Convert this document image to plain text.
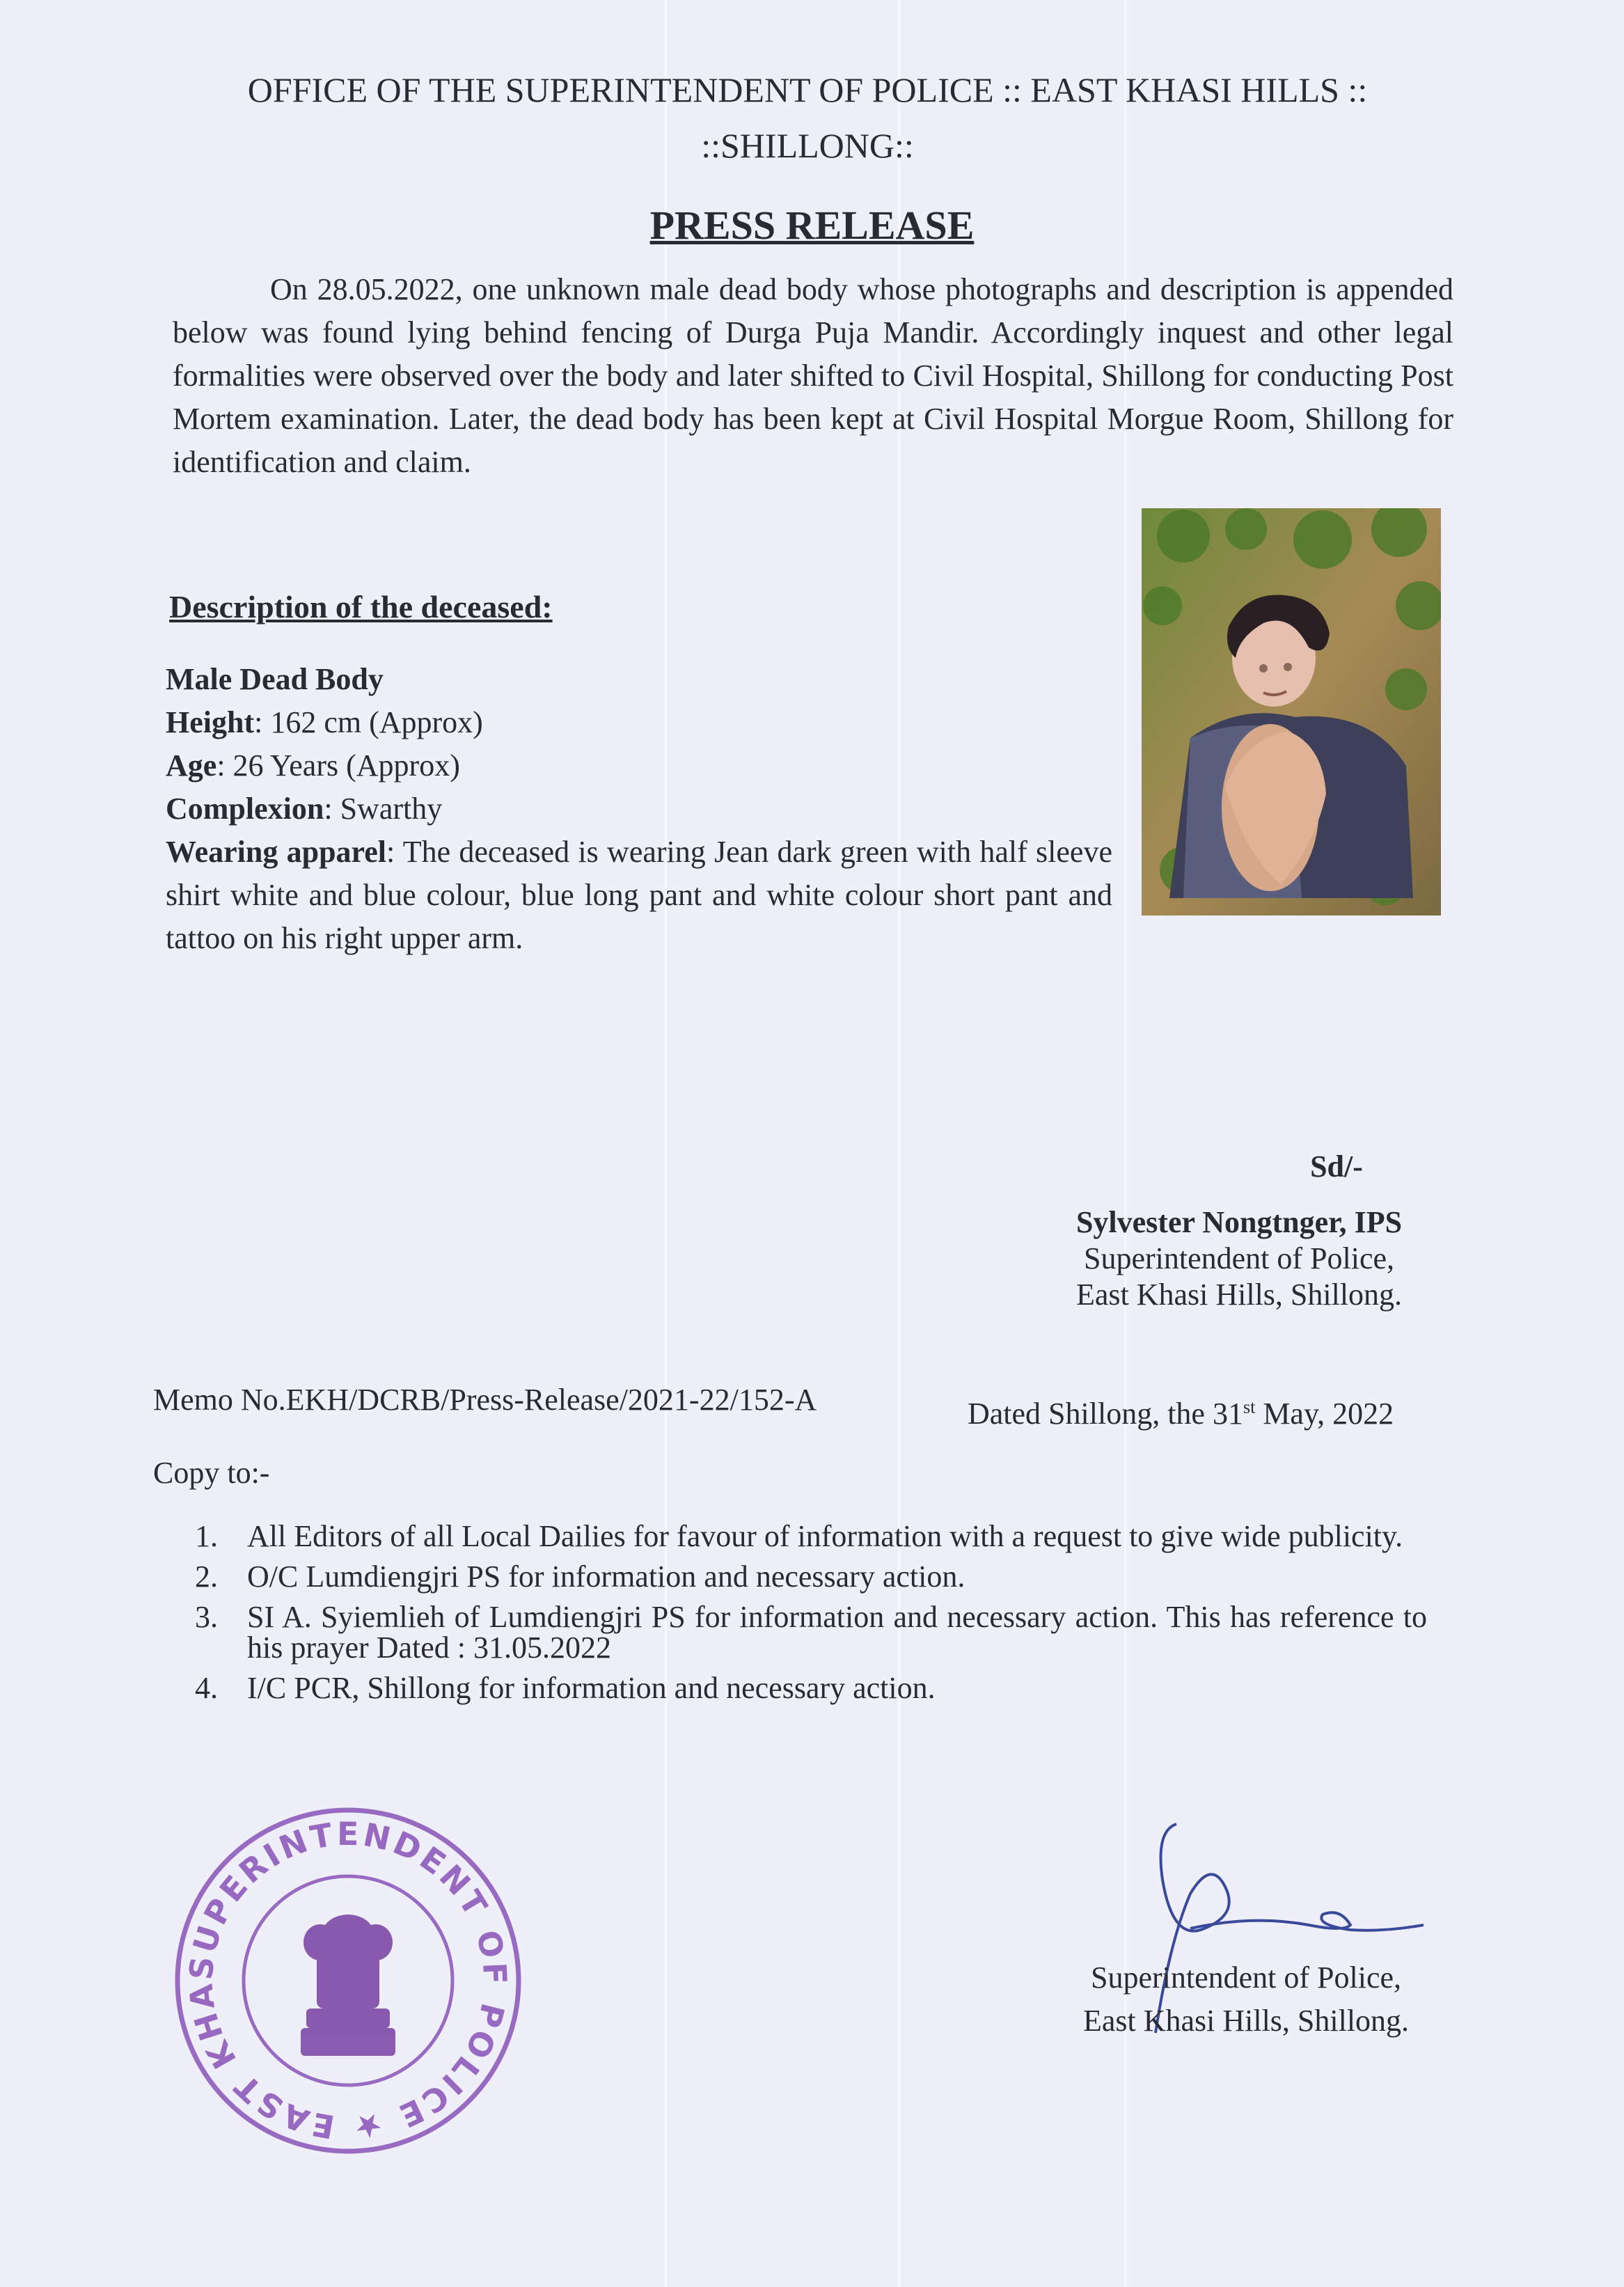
OFFICE OF THE SUPERINTENDENT OF POLICE :: EAST KHASI HILLS ::
::SHILLONG::
PRESS RELEASE
On 28.05.2022, one unknown male dead body whose photographs and description is appended below was found lying behind fencing of Durga Puja Mandir. Accordingly inquest and other legal formalities were observed over the body and later shifted to Civil Hospital, Shillong for conducting Post Mortem examination. Later, the dead body has been kept at Civil Hospital Morgue Room, Shillong for identification and claim.
Description of the deceased:
Male Dead Body
Height: 162 cm (Approx)
Age: 26 Years (Approx)
Complexion: Swarthy
Wearing apparel: The deceased is wearing Jean dark green with half sleeve shirt white and blue colour, blue long pant and white colour short pant and tattoo on his right upper arm.
Sd/-
Sylvester Nongtnger, IPS
Superintendent of Police,
East Khasi Hills, Shillong.
Memo No.EKH/DCRB/Press-Release/2021-22/152-A	Dated Shillong, the 31st May, 2022
Copy to:-
1. All Editors of all Local Dailies for favour of information with a request to give wide publicity.
2. O/C Lumdiengjri PS for information and necessary action.
3. SI A. Syiemlieh of Lumdiengjri PS for information and necessary action. This has reference to his prayer Dated : 31.05.2022
4. I/C PCR, Shillong for information and necessary action.
SUPERINTENDENT OF POLICE ★ EAST KHA
Superintendent of Police,
East Khasi Hills, Shillong.
